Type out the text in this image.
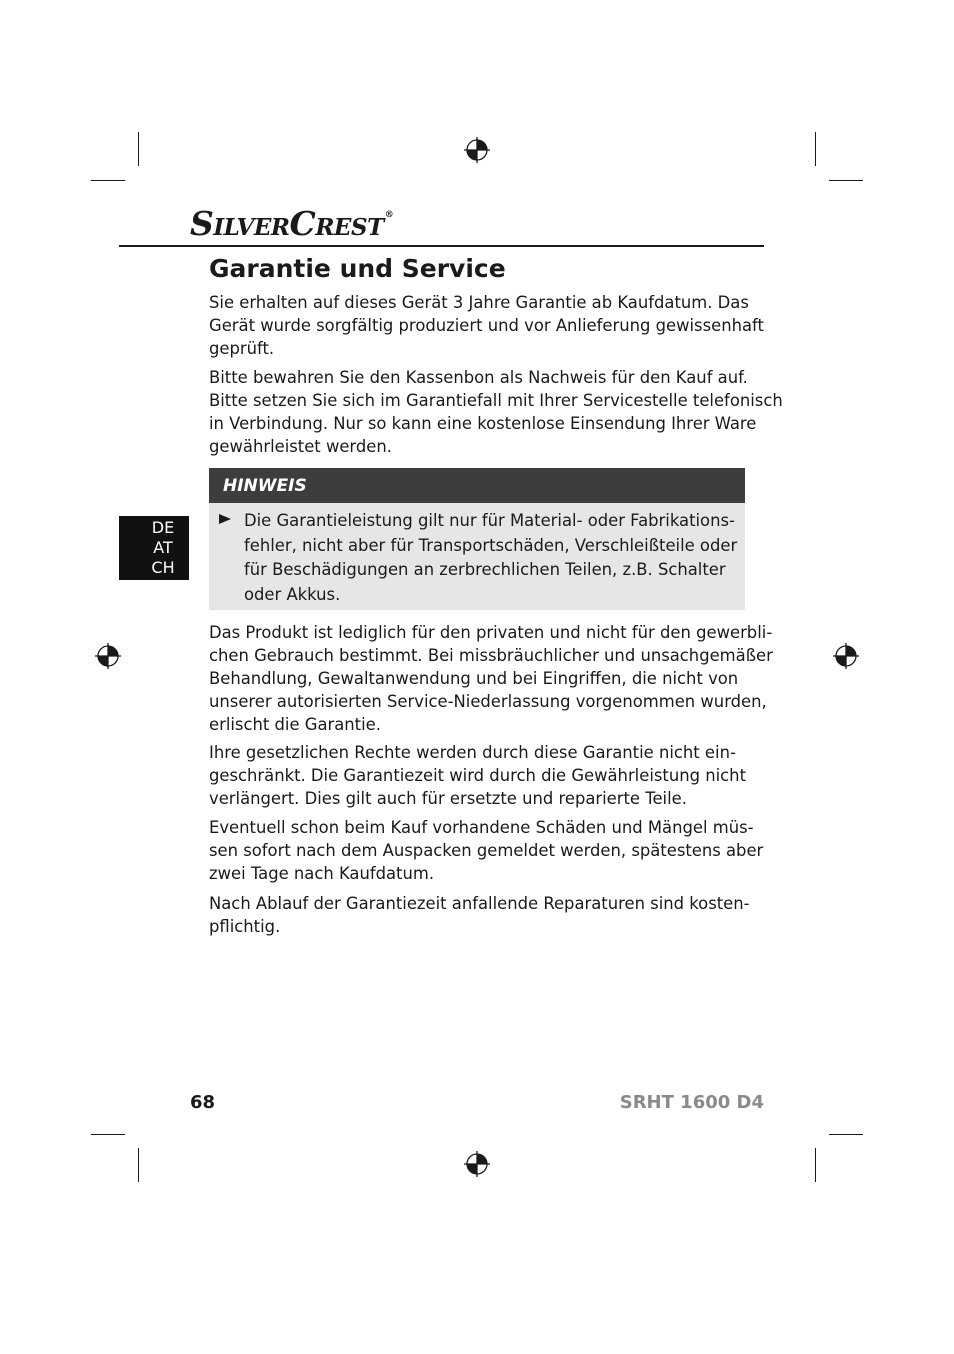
SILVERCREST®
Garantie und Service

Sie erhalten auf dieses Gerät 3 Jahre Garantie ab Kaufdatum. Das
Gerät wurde sorgfältig produziert und vor Anlieferung gewissenhaft
geprüft.

Bitte bewahren Sie den Kassenbon als Nachweis für den Kauf auf.
Bitte setzen Sie sich im Garantiefall mit Ihrer Servicestelle telefonisch
in Verbindung. Nur so kann eine kostenlose Einsendung Ihrer Ware
gewährleistet werden.

DE
AT
CH
HINWEIS

Die Garantieleistung gilt nur für Material- oder Fabrikations-
fehler, nicht aber für Transportschäden, Verschleißteile oder
für Beschädigungen an zerbrechlichen Teilen, z.B. Schalter
oder Akkus.

Das Produkt ist lediglich für den privaten und nicht für den gewerbli-
chen Gebrauch bestimmt. Bei missbräuchlicher und unsachgemäßer
Behandlung, Gewaltanwendung und bei Eingriffen, die nicht von
unserer autorisierten Service-Niederlassung vorgenommen wurden,
erlischt die Garantie.

Ihre gesetzlichen Rechte werden durch diese Garantie nicht ein-
geschränkt. Die Garantiezeit wird durch die Gewährleistung nicht
verlängert. Dies gilt auch für ersetzte und reparierte Teile.

Eventuell schon beim Kauf vorhandene Schäden und Mängel müs-
sen sofort nach dem Auspacken gemeldet werden, spätestens aber
zwei Tage nach Kaufdatum.

Nach Ablauf der Garantiezeit anfallende Reparaturen sind kosten-
pflichtig.

68	SRHT 1600 D4
